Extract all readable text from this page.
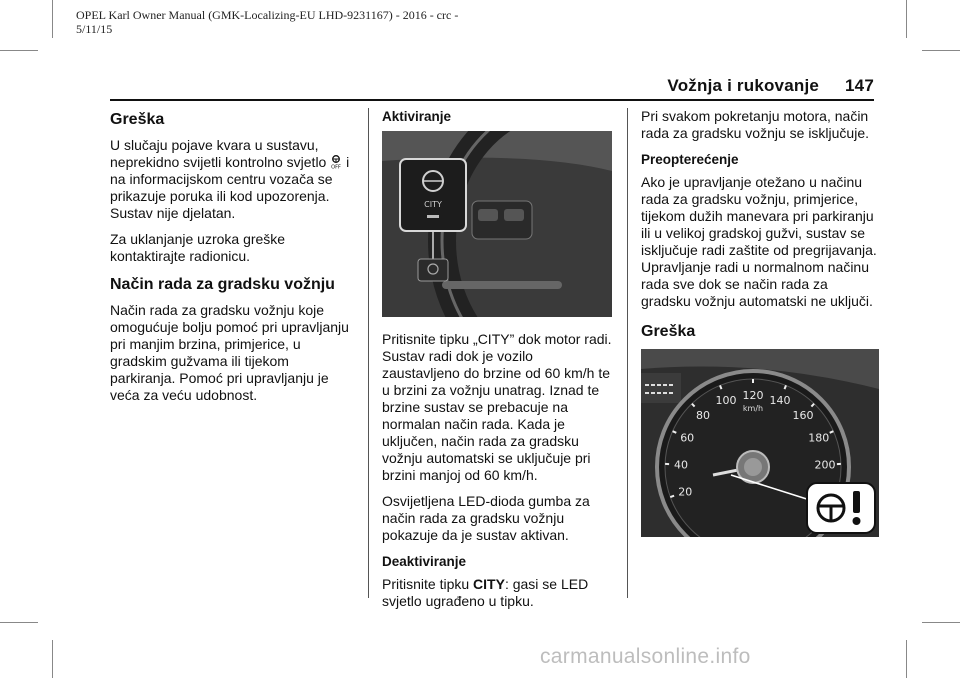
OPEL Karl Owner Manual (GMK-Localizing-EU LHD-9231167) - 2016 - crc -
5/11/15
Vožnja i rukovanje 147
Greška

U slučaju pojave kvara u sustavu, neprekidno svijetli kontrolno svjetlo OFF i na informacijskom centru vozača se prikazuje poruka ili kod upozorenja. Sustav nije djelatan.

Za uklanjanje uzroka greške kontaktirajte radionicu.

Način rada za gradsku vožnju

Način rada za gradsku vožnju koje omogućuje bolju pomoć pri upravljanju pri manjim brzina, primjerice, u gradskim gužvama ili tijekom parkiranja. Pomoć pri upravljanju je veća za veću udobnost.

Aktiviranje
CITY

Pritisnite tipku „CITY” dok motor radi. Sustav radi dok je vozilo zaustavljeno do brzine od 60 km/h te u brzini za vožnju unatrag. Iznad te brzine sustav se prebacuje na normalan način rada. Kada je uključen, način rada za gradsku vožnju automatski se uključuje pri brzini manjoj od 60 km/h.

Osvijetljena LED-dioda gumba za način rada za gradsku vožnju pokazuje da je sustav aktivan.

Deaktiviranje

Pritisnite tipku CITY: gasi se LED svjetlo ugrađeno u tipku.

Pri svakom pokretanju motora, način rada za gradsku vožnju se isključuje.

Preopterećenje

Ako je upravljanje otežano u načinu rada za gradsku vožnju, primjerice, tijekom dužih manevara pri parkiranju ili u velikoj gradskoj gužvi, sustav se isključuje radi zaštite od pregrijavanja. Upravljanje radi u normalnom načinu rada sve dok se način rada za gradsku vožnju automatski ne uključi.

Greška
20
40
60
80
100 120 140
160
180
200
km/h
carmanualsonline.info
